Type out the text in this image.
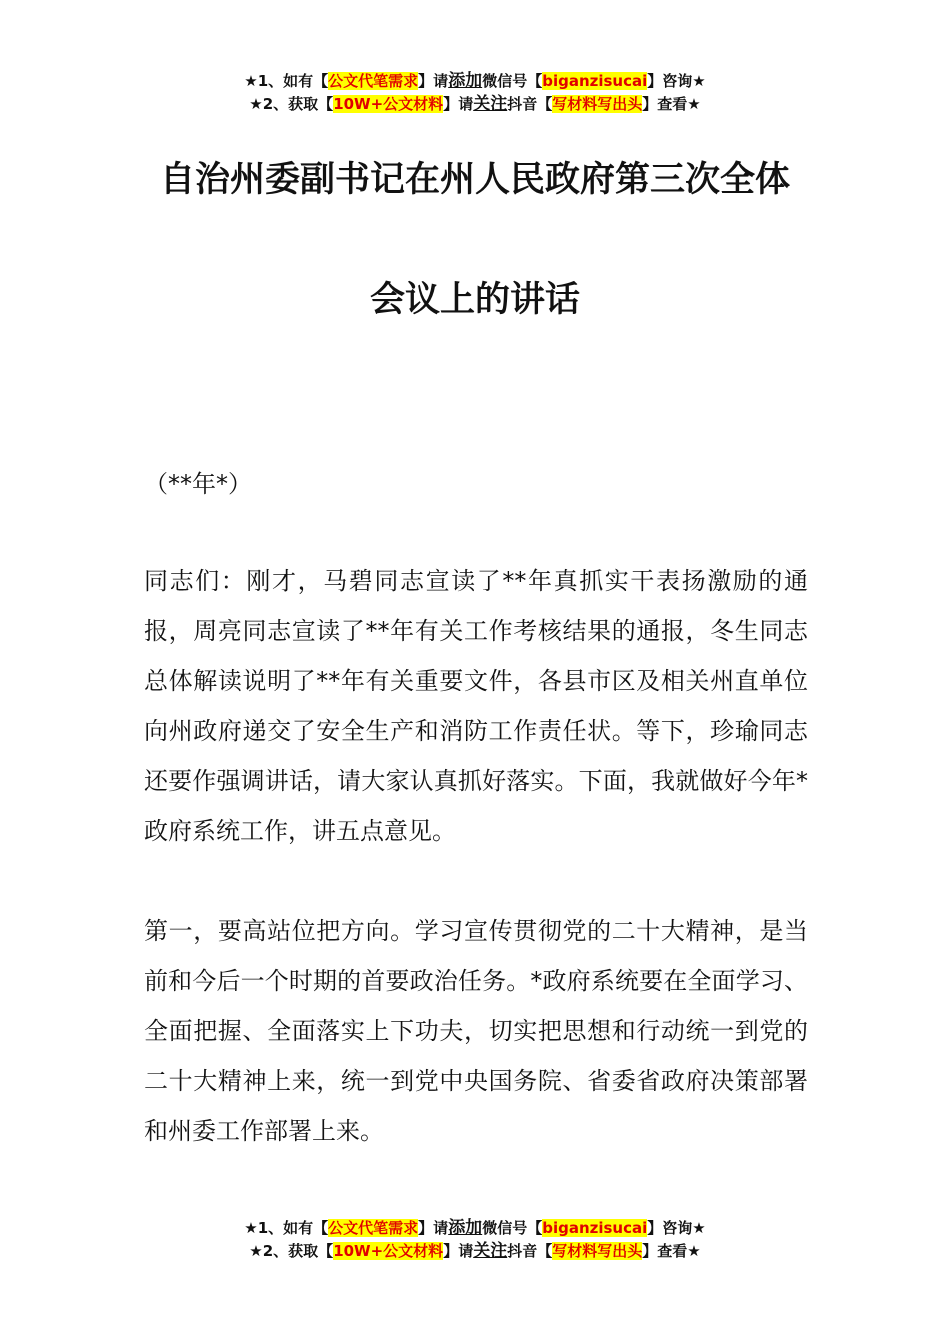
★1、如有【公文代笔需求】请添加微信号【biganzisucai】咨询★
★2、获取【10W+公文材料】请关注抖音【写材料写出头】查看★
自治州委副书记在州人民政府第三次全体
会议上的讲话
（**年*）
同志们：刚才，马碧同志宣读了**年真抓实干表扬激励的通报，周亮同志宣读了**年有关工作考核结果的通报，冬生同志总体解读说明了**年有关重要文件，各县市区及相关州直单位向州政府递交了安全生产和消防工作责任状。等下，珍瑜同志还要作强调讲话，请大家认真抓好落实。下面，我就做好今年*政府系统工作，讲五点意见。
第一，要高站位把方向。学习宣传贯彻党的二十大精神，是当前和今后一个时期的首要政治任务。*政府系统要在全面学习、全面把握、全面落实上下功夫，切实把思想和行动统一到党的二十大精神上来，统一到党中央国务院、省委省政府决策部署和州委工作部署上来。
★1、如有【公文代笔需求】请添加微信号【biganzisucai】咨询★
★2、获取【10W+公文材料】请关注抖音【写材料写出头】查看★
